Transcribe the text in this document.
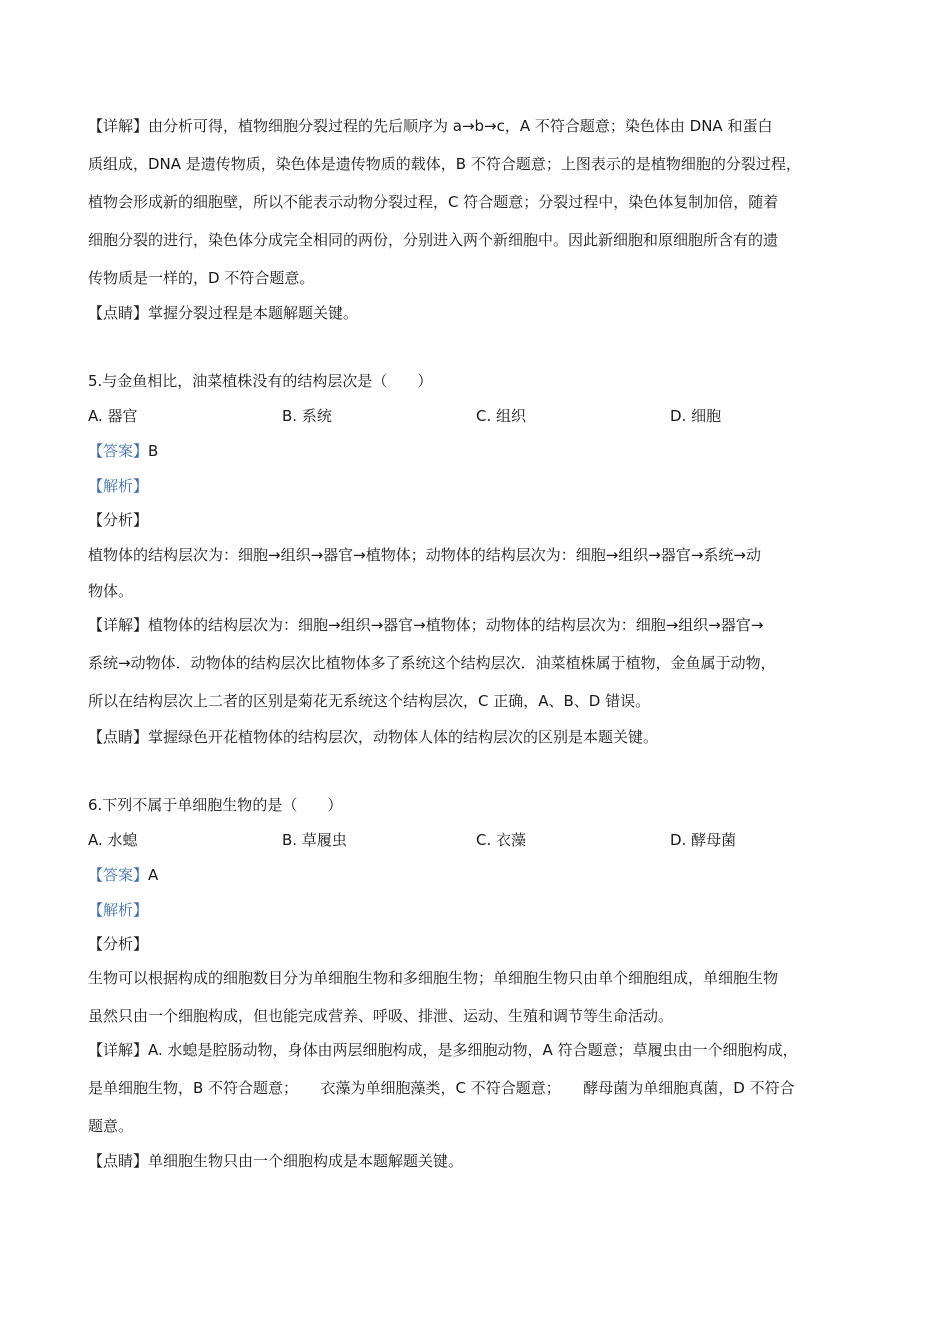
【详解】由分析可得，植物细胞分裂过程的先后顺序为 a→b→c，A 不符合题意；染色体由 DNA 和蛋白
质组成，DNA 是遗传物质，染色体是遗传物质的载体，B 不符合题意；上图表示的是植物细胞的分裂过程，
植物会形成新的细胞壁，所以不能表示动物分裂过程，C 符合题意；分裂过程中，染色体复制加倍，随着
细胞分裂的进行，染色体分成完全相同的两份，分别进入两个新细胞中。因此新细胞和原细胞所含有的遗
传物质是一样的，D 不符合题意。
【点睛】掌握分裂过程是本题解题关键。
5.与金鱼相比，油菜植株没有的结构层次是（　　）
A. 器官	B. 系统	C. 组织	D. 细胞
【答案】B
【解析】
【分析】
植物体的结构层次为：细胞→组织→器官→植物体；动物体的结构层次为：细胞→组织→器官→系统→动
物体。
【详解】植物体的结构层次为：细胞→组织→器官→植物体；动物体的结构层次为：细胞→组织→器官→
系统→动物体．动物体的结构层次比植物体多了系统这个结构层次．油菜植株属于植物，金鱼属于动物，
所以在结构层次上二者的区别是菊花无系统这个结构层次，C 正确，A、B、D 错误。
【点睛】掌握绿色开花植物体的结构层次，动物体人体的结构层次的区别是本题关键。
6.下列不属于单细胞生物的是（　　）
A. 水螅	B. 草履虫	C. 衣藻	D. 酵母菌
【答案】A
【解析】
【分析】
生物可以根据构成的细胞数目分为单细胞生物和多细胞生物；单细胞生物只由单个细胞组成，单细胞生物
虽然只由一个细胞构成，但也能完成营养、呼吸、排泄、运动、生殖和调节等生命活动。
【详解】A. 水螅是腔肠动物，身体由两层细胞构成，是多细胞动物，A 符合题意；草履虫由一个细胞构成，
是单细胞生物，B 不符合题意；　　衣藻为单细胞藻类，C 不符合题意；　　酵母菌为单细胞真菌，D 不符合
题意。
【点睛】单细胞生物只由一个细胞构成是本题解题关键。
